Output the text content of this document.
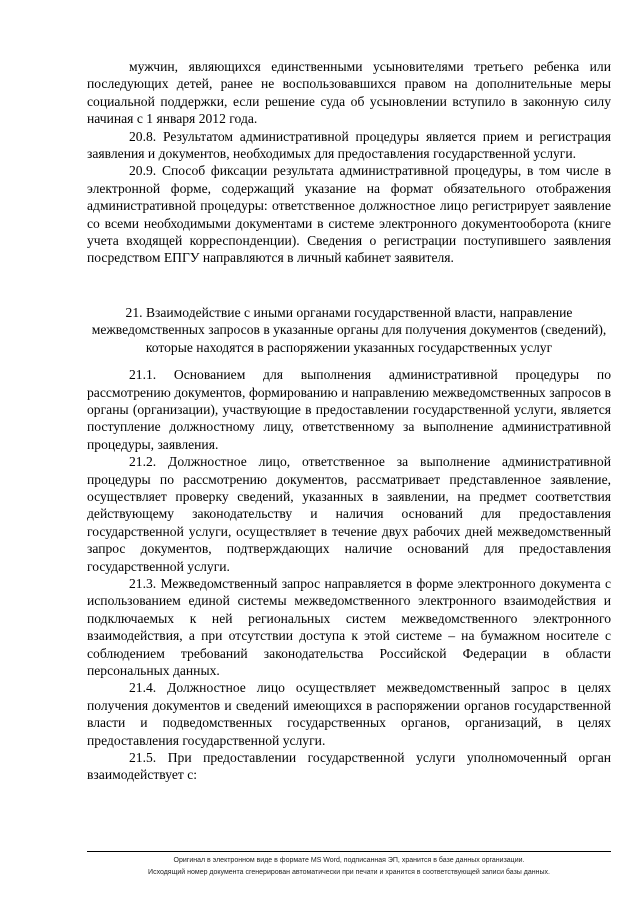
мужчин, являющихся единственными усыновителями третьего ребенка или последующих детей, ранее не воспользовавшихся правом на дополнительные меры социальной поддержки, если решение суда об усыновлении вступило в законную силу начиная с 1 января 2012 года.

20.8. Результатом административной процедуры является прием и регистрация заявления и документов, необходимых для предоставления государственной услуги.

20.9. Способ фиксации результата административной процедуры, в том числе в электронной форме, содержащий указание на формат обязательного отображения административной процедуры: ответственное должностное лицо регистрирует заявление со всеми необходимыми документами в системе электронного документооборота (книге учета входящей корреспонденции). Сведения о регистрации поступившего заявления посредством ЕПГУ направляются в личный кабинет заявителя.

21. Взаимодействие с иными органами государственной власти, направление межведомственных запросов в указанные органы для получения документов (сведений), которые находятся в распоряжении указанных государственных услуг

21.1. Основанием для выполнения административной процедуры по рассмотрению документов, формированию и направлению межведомственных запросов в органы (организации), участвующие в предоставлении государственной услуги, является поступление должностному лицу, ответственному за выполнение административной процедуры, заявления.

21.2. Должностное лицо, ответственное за выполнение административной процедуры по рассмотрению документов, рассматривает представленное заявление, осуществляет проверку сведений, указанных в заявлении, на предмет соответствия действующему законодательству и наличия оснований для предоставления государственной услуги, осуществляет в течение двух рабочих дней межведомственный запрос документов, подтверждающих наличие оснований для предоставления государственной услуги.

21.3. Межведомственный запрос направляется в форме электронного документа с использованием единой системы межведомственного электронного взаимодействия и подключаемых к ней региональных систем межведомственного электронного взаимодействия, а при отсутствии доступа к этой системе – на бумажном носителе с соблюдением требований законодательства Российской Федерации в области персональных данных.

21.4. Должностное лицо осуществляет межведомственный запрос в целях получения документов и сведений имеющихся в распоряжении органов государственной власти и подведомственных государственных органов, организаций, в целях предоставления государственной услуги.

21.5. При предоставлении государственной услуги уполномоченный орган взаимодействует с:

Оригинал в электронном виде в формате MS Word, подписанная ЭП, хранится в базе данных организации.
Исходящий номер документа сгенерирован автоматически при печати и хранится в соответствующей записи базы данных.
